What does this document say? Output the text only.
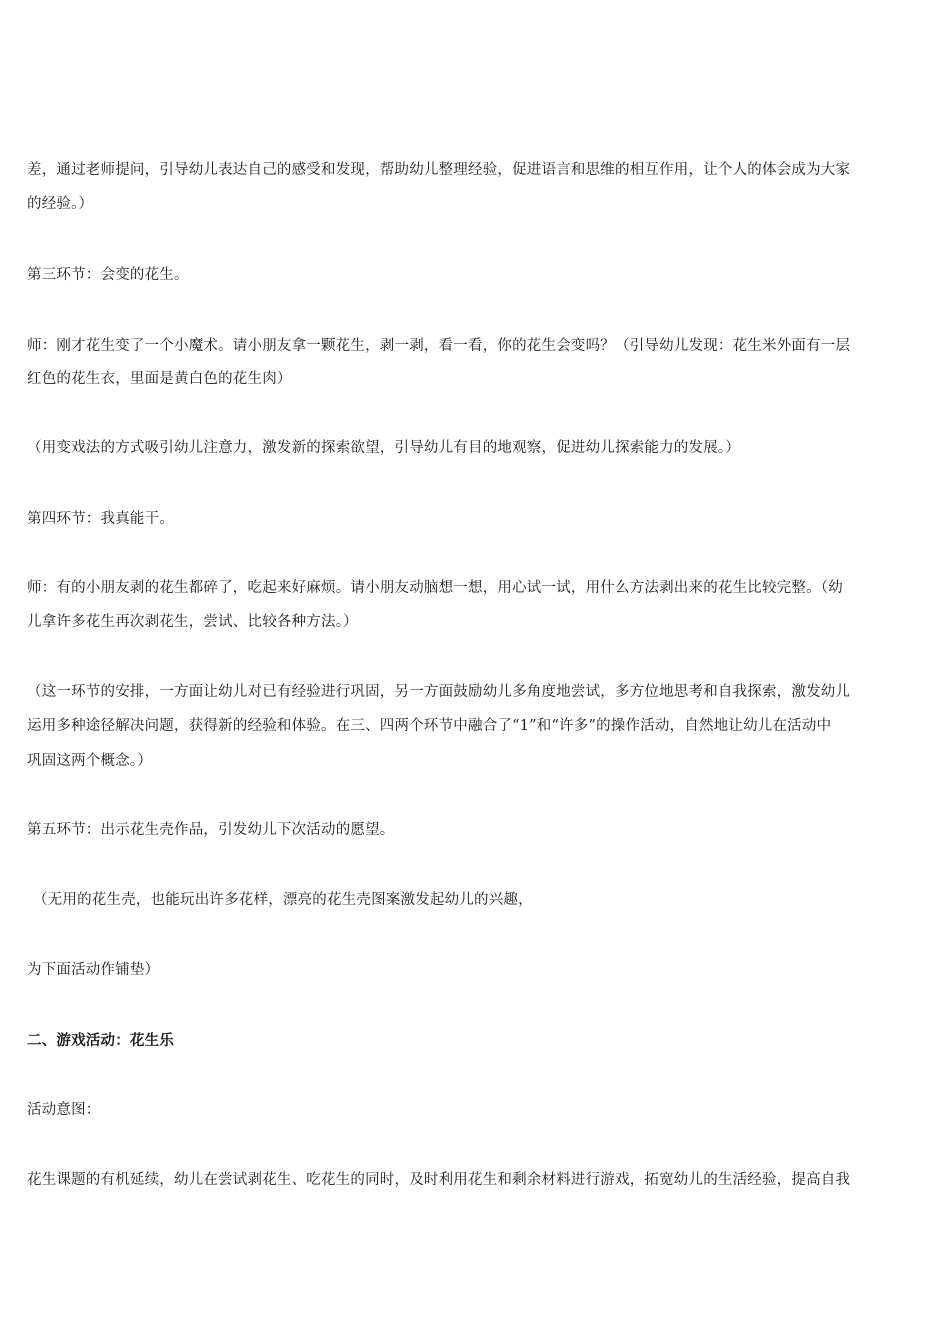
差，通过老师提问，引导幼儿表达自己的感受和发现，帮助幼儿整理经验，促进语言和思维的相互作用，让个人的体会成为大家
的经验。）
第三环节：会变的花生。
师：刚才花生变了一个小魔术。请小朋友拿一颗花生，剥一剥，看一看，你的花生会变吗？（引导幼儿发现：花生米外面有一层
红色的花生衣，里面是黄白色的花生肉）
（用变戏法的方式吸引幼儿注意力，激发新的探索欲望，引导幼儿有目的地观察，促进幼儿探索能力的发展。）
第四环节：我真能干。
师：有的小朋友剥的花生都碎了，吃起来好麻烦。请小朋友动脑想一想，用心试一试，用什么方法剥出来的花生比较完整。（幼
儿拿许多花生再次剥花生，尝试、比较各种方法。）
（这一环节的安排，一方面让幼儿对已有经验进行巩固，另一方面鼓励幼儿多角度地尝试，多方位地思考和自我探索，激发幼儿
运用多种途径解决问题，获得新的经验和体验。在三、四两个环节中融合了“1”和“许多”的操作活动，自然地让幼儿在活动中
巩固这两个概念。）
第五环节：出示花生壳作品，引发幼儿下次活动的愿望。
（无用的花生壳，也能玩出许多花样，漂亮的花生壳图案激发起幼儿的兴趣，
为下面活动作铺垫）
二、游戏活动：花生乐
活动意图：
花生课题的有机延续，幼儿在尝试剥花生、吃花生的同时，及时利用花生和剩余材料进行游戏，拓宽幼儿的生活经验，提高自我
